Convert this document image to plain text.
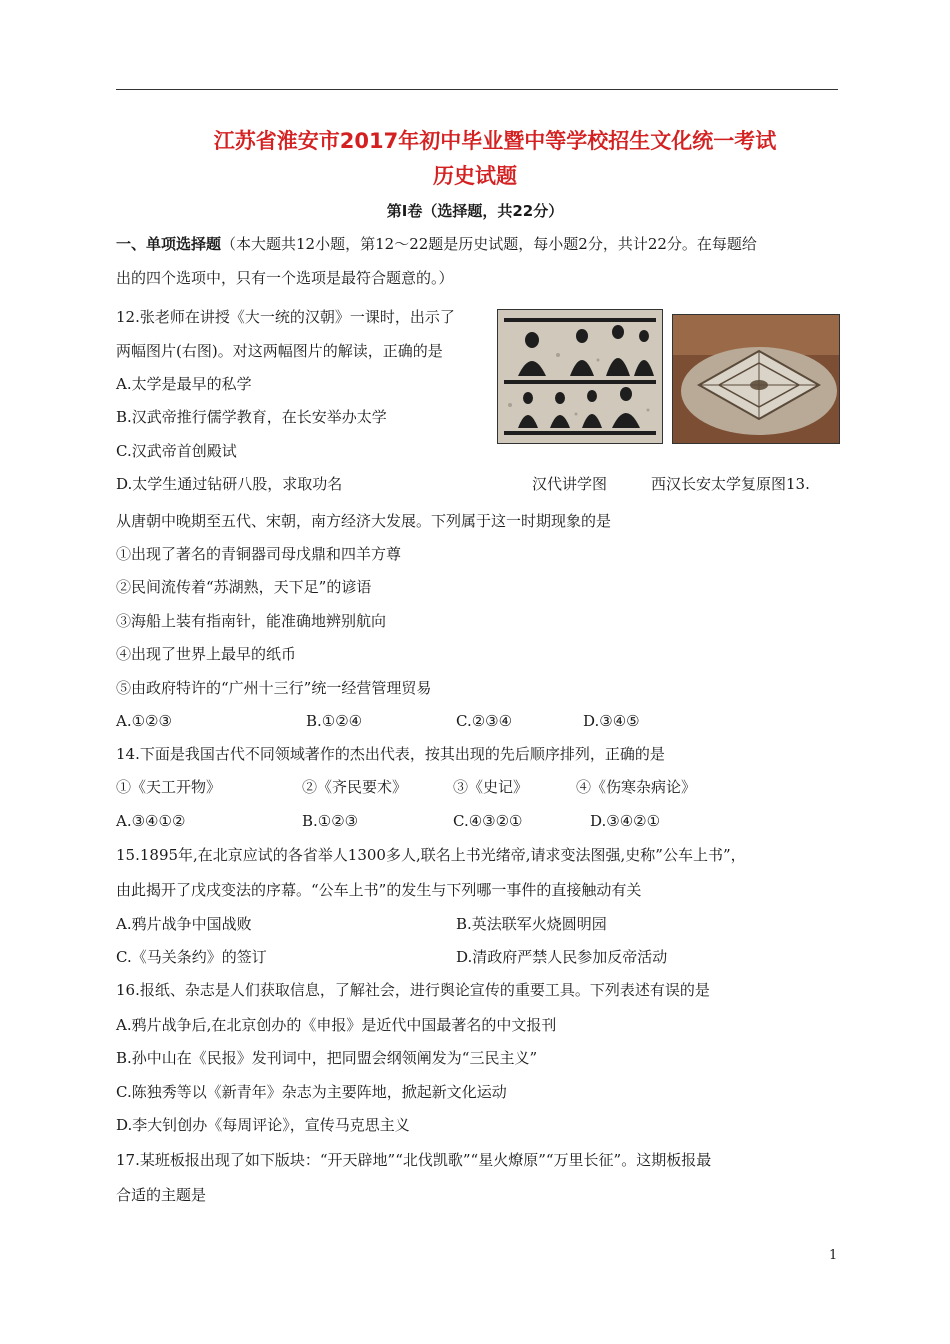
江苏省淮安市2017年初中毕业暨中等学校招生文化统一考试
历史试题
第Ⅰ卷（选择题，共22分）
一、单项选择题（本大题共12小题，第12～22题是历史试题，每小题2分，共计22分。在每题给
出的四个选项中，只有一个选项是最符合题意的。）
12.张老师在讲授《大一统的汉朝》一课时，出示了
两幅图片(右图)。对这两幅图片的解读，正确的是
A.太学是最早的私学
B.汉武帝推行儒学教育，在长安举办太学
C.汉武帝首创殿试
D.太学生通过钻研八股，求取功名	汉代讲学图	西汉长安太学复原图13.
从唐朝中晚期至五代、宋朝，南方经济大发展。下列属于这一时期现象的是
①出现了著名的青铜器司母戊鼎和四羊方尊
②民间流传着“苏湖熟，天下足”的谚语
③海船上装有指南针，能准确地辨别航向
④出现了世界上最早的纸币
⑤由政府特许的“广州十三行”统一经营管理贸易
A.①②③	B.①②④	C.②③④	D.③④⑤
14.下面是我国古代不同领域著作的杰出代表，按其出现的先后顺序排列，正确的是
①《天工开物》	②《齐民要术》	③《史记》	④《伤寒杂病论》
A.③④①②	B.①②③	C.④③②①	D.③④②①
15.1895年,在北京应试的各省举人1300多人,联名上书光绪帝,请求变法图强,史称”公车上书”，
由此揭开了戊戌变法的序幕。“公车上书”的发生与下列哪一事件的直接触动有关
A.鸦片战争中国战败	B.英法联军火烧圆明园
C.《马关条约》的签订	D.清政府严禁人民参加反帝活动
16.报纸、杂志是人们获取信息，了解社会，进行舆论宣传的重要工具。下列表述有误的是
A.鸦片战争后,在北京创办的《申报》是近代中国最著名的中文报刊
B.孙中山在《民报》发刊词中，把同盟会纲领阐发为“三民主义”
C.陈独秀等以《新青年》杂志为主要阵地，掀起新文化运动
D.李大钊创办《每周评论》，宣传马克思主义
17.某班板报出现了如下版块：“开天辟地”“北伐凯歌”“星火燎原”“万里长征”。这期板报最
合适的主题是
1
